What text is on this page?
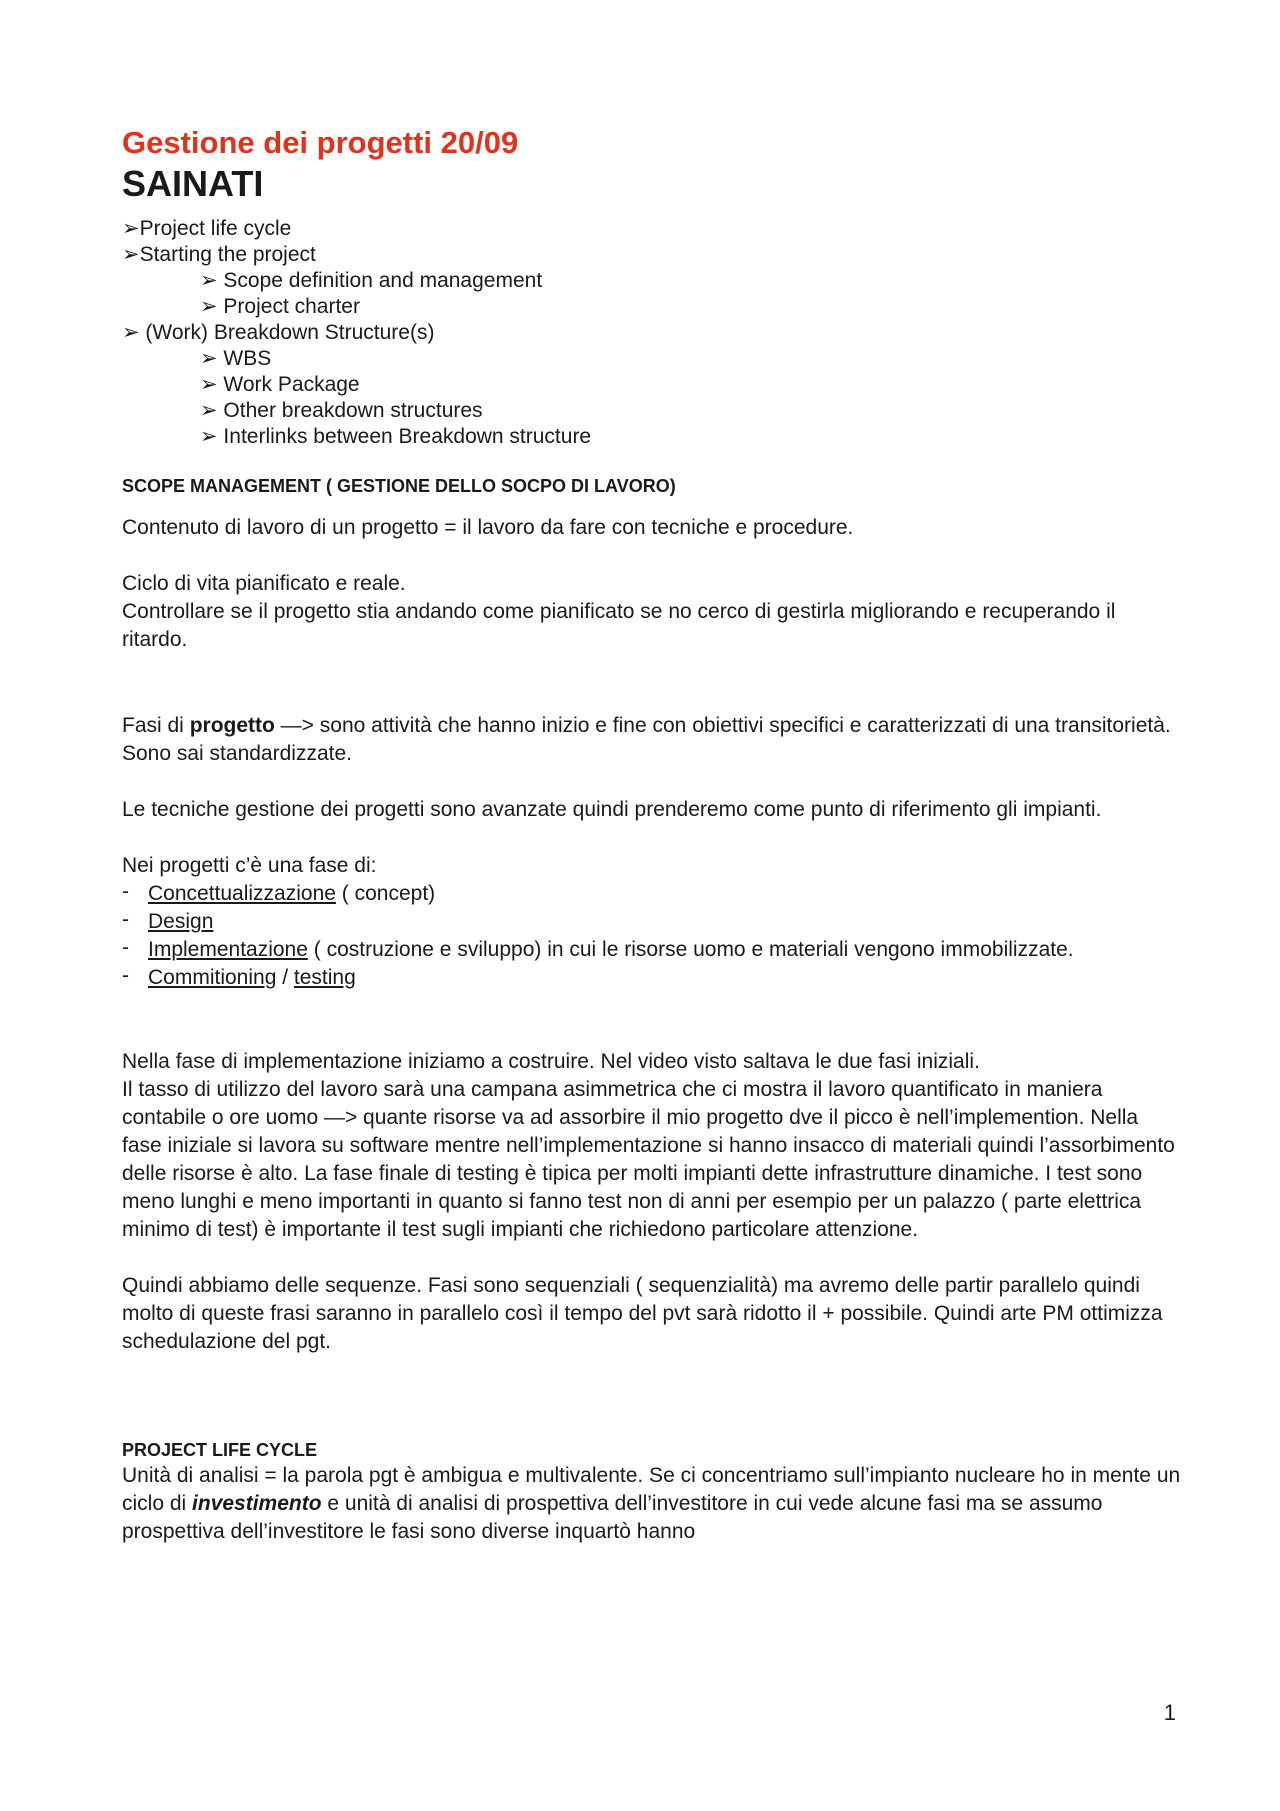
Gestione dei progetti 20/09
SAINATI
➢Project life cycle
➢Starting the project
➢ Scope definition and management
➢ Project charter
➢ (Work) Breakdown Structure(s)
➢ WBS
➢ Work Package
➢ Other breakdown structures
➢ Interlinks between Breakdown structure
SCOPE MANAGEMENT ( GESTIONE DELLO SOCPO DI LAVORO)

Contenuto di lavoro di un progetto = il lavoro da fare con tecniche e procedure.

Ciclo di vita pianificato e reale.

Controllare se il progetto stia andando come pianificato se no cerco di gestirla migliorando e recuperando il ritardo.

Fasi di progetto —> sono attività che hanno inizio e fine con obiettivi specifici e caratterizzati di una transitorietà. Sono sai standardizzate.

Le tecniche gestione dei progetti sono avanzate quindi prenderemo come punto di riferimento gli impianti.

Nei progetti c’è una fase di:

- Concettualizzazione ( concept)
- Design
- Implementazione ( costruzione e sviluppo) in cui le risorse uomo e materiali vengono immobilizzate.
- Commitioning / testing

Nella fase di implementazione iniziamo a costruire. Nel video visto saltava le due fasi iniziali.

Il tasso di utilizzo del lavoro sarà una campana asimmetrica che ci mostra il lavoro quantificato in maniera contabile o ore uomo —> quante risorse va ad assorbire il mio progetto dve il picco è nell’implemention. Nella fase iniziale si lavora su software mentre nell’implementazione si hanno insacco di materiali quindi l’assorbimento delle risorse è alto. La fase finale di testing è tipica per molti impianti dette infrastrutture dinamiche. I test sono meno lunghi e meno importanti in quanto si fanno test non di anni per esempio per un palazzo ( parte elettrica minimo di test) è importante il test sugli impianti che richiedono particolare attenzione.

Quindi abbiamo delle sequenze. Fasi sono sequenziali ( sequenzialità) ma avremo delle partir parallelo quindi molto di queste frasi saranno in parallelo così il tempo del pvt sarà ridotto il + possibile. Quindi arte PM ottimizza schedulazione del pgt.

PROJECT LIFE CYCLE

Unità di analisi = la parola pgt è ambigua e multivalente. Se ci concentriamo sull’impianto nucleare ho in mente un ciclo di investimento e unità di analisi di prospettiva dell’investitore in cui vede alcune fasi ma se assumo prospettiva dell’investitore le fasi sono diverse inquartò hanno

1
